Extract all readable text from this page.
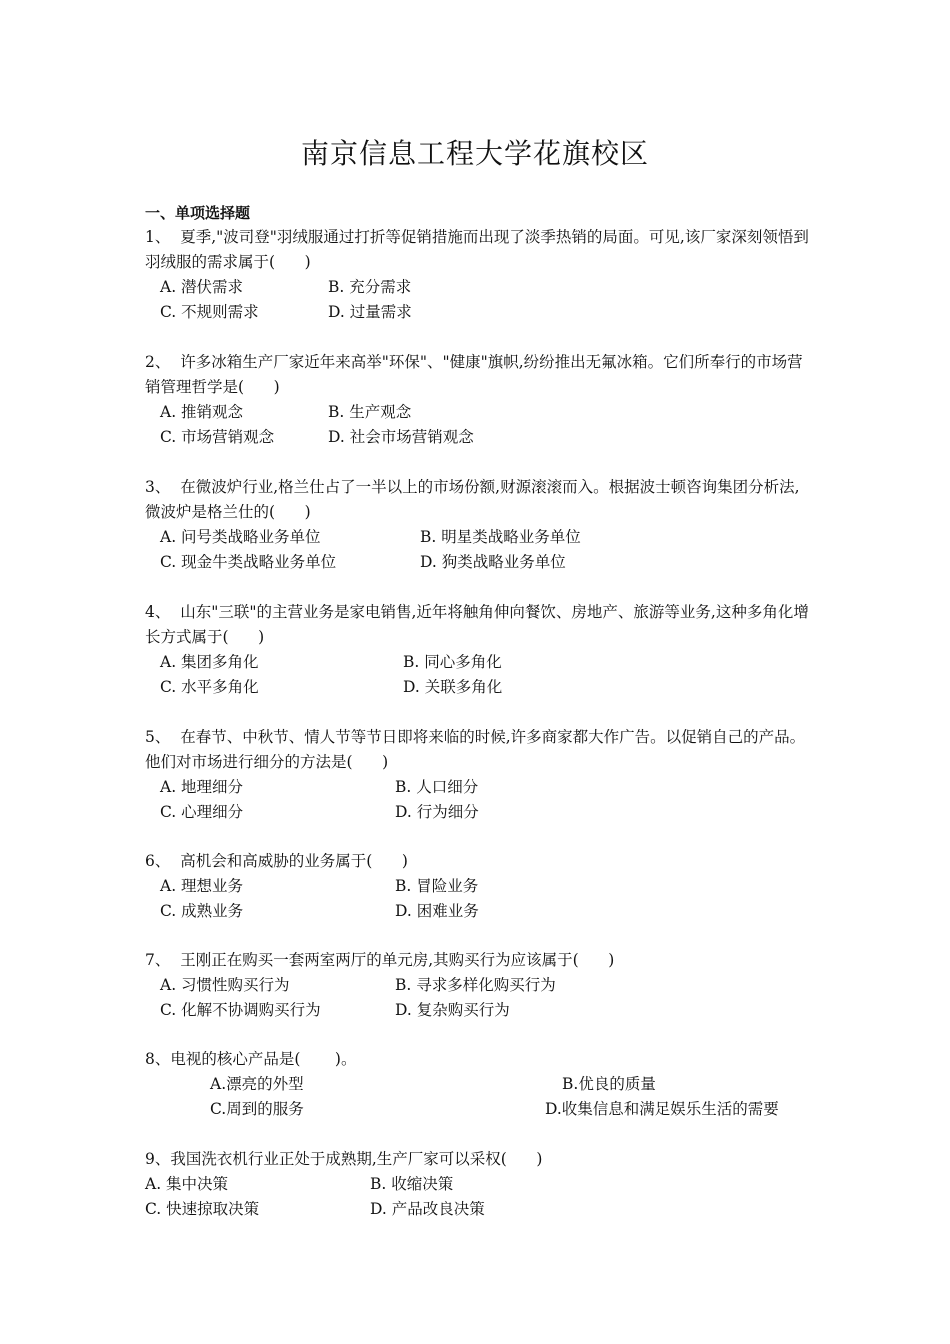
南京信息工程大学花旗校区
一、单项选择题
1、  夏季,"波司登"羽绒服通过打折等促销措施而出现了淡季热销的局面。可见,该厂家深刻领悟到羽绒服的需求属于(      )
A. 潜伏需求	B. 充分需求
C. 不规则需求	D. 过量需求
2、  许多冰箱生产厂家近年来高举"环保"、"健康"旗帜,纷纷推出无氟冰箱。它们所奉行的市场营销管理哲学是(      )
A. 推销观念	B. 生产观念
C. 市场营销观念	D. 社会市场营销观念
3、  在微波炉行业,格兰仕占了一半以上的市场份额,财源滚滚而入。根据波士顿咨询集团分析法,微波炉是格兰仕的(      )
A. 问号类战略业务单位	B. 明星类战略业务单位
C. 现金牛类战略业务单位	D. 狗类战略业务单位
4、  山东"三联"的主营业务是家电销售,近年将触角伸向餐饮、房地产、旅游等业务,这种多角化增长方式属于(      )
A. 集团多角化	B. 同心多角化
C. 水平多角化	D. 关联多角化
5、  在春节、中秋节、情人节等节日即将来临的时候,许多商家都大作广告。以促销自己的产品。他们对市场进行细分的方法是(      )
A. 地理细分	B. 人口细分
C. 心理细分	D. 行为细分
6、  高机会和高威胁的业务属于(      )
A. 理想业务	B. 冒险业务
C. 成熟业务	D. 困难业务
7、  王刚正在购买一套两室两厅的单元房,其购买行为应该属于(      )
A. 习惯性购买行为	B. 寻求多样化购买行为
C. 化解不协调购买行为	D. 复杂购买行为
8、电视的核心产品是(       )。
A.漂亮的外型	B.优良的质量
C.周到的服务	D.收集信息和满足娱乐生活的需要
9、我国洗衣机行业正处于成熟期,生产厂家可以采权(      )
A. 集中决策	B. 收缩决策
C. 快速掠取决策	D. 产品改良决策
